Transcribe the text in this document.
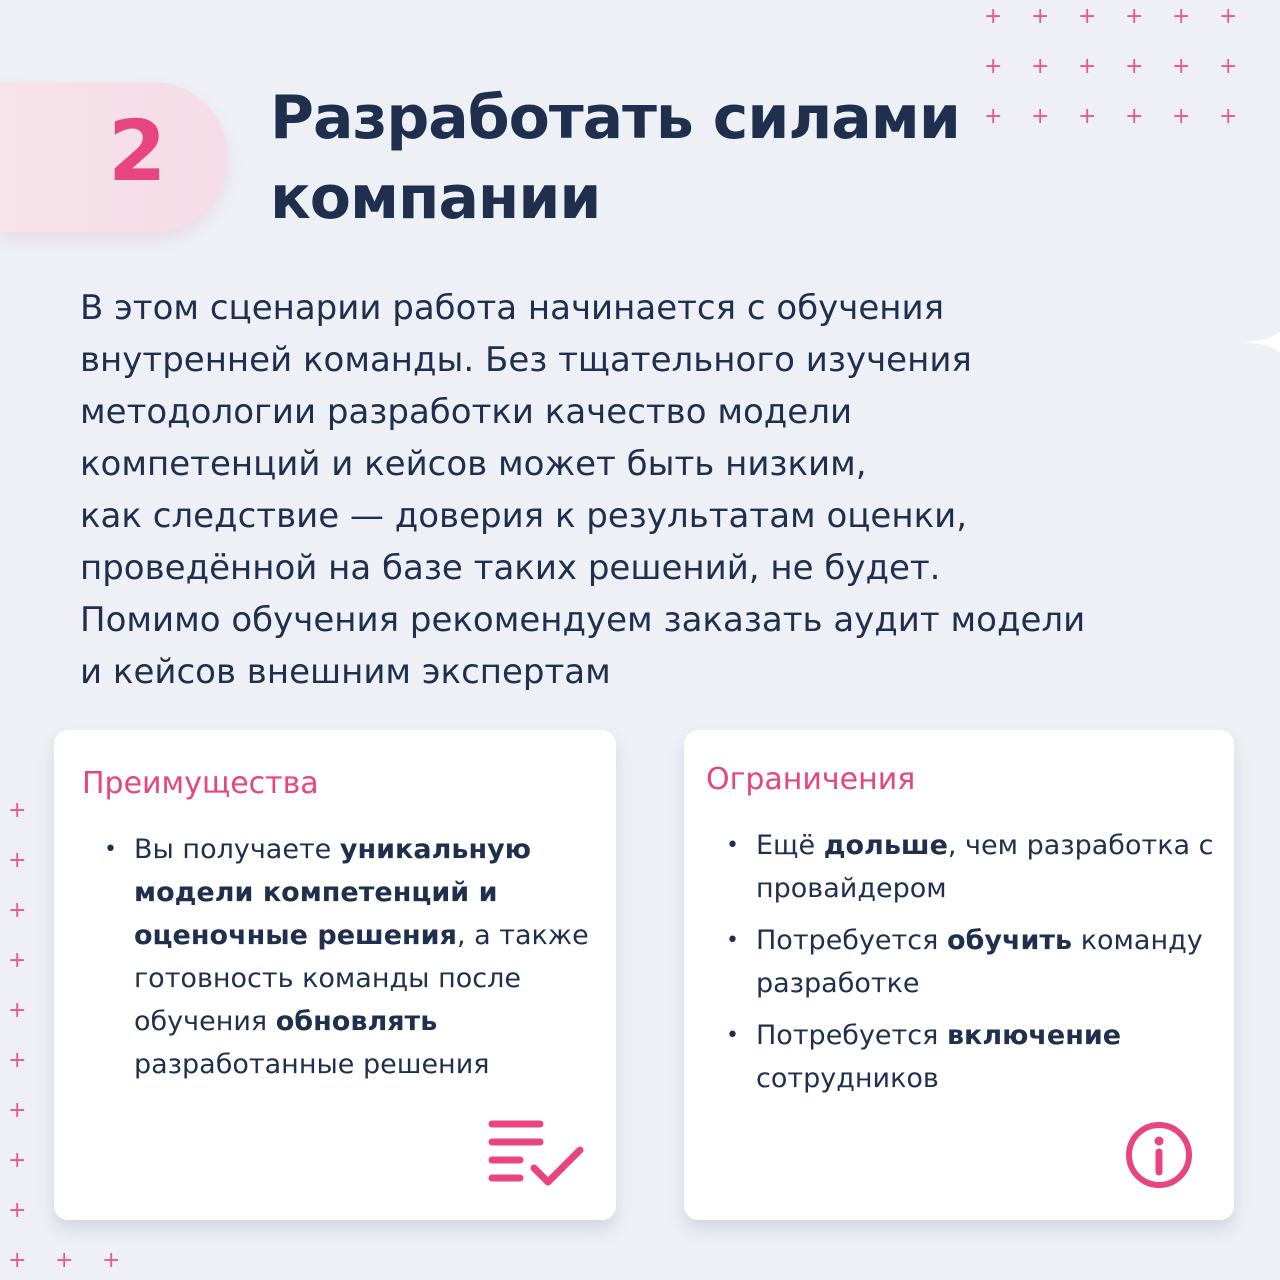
+ + + + + +
+ + + + + +
+ + + + + +
+
+
+
+
+
+
+
+
+
+ + +
2 Разработать силами
компании
В этом сценарии работа начинается с обучения
внутренней команды. Без тщательного изучения
методологии разработки качество модели
компетенций и кейсов может быть низким,
как следствие — доверия к результатам оценки,
проведённой на базе таких решений, не будет.
Помимо обучения рекомендуем заказать аудит модели
и кейсов внешним экспертам
Преимущества
• Вы получаете уникальную модели компетенций и оценочные решения, а также готовность команды после обучения обновлять разработанные решения
Ограничения
• Ещё дольше, чем разработка с провайдером
• Потребуется обучить команду разработке
• Потребуется включение сотрудников
